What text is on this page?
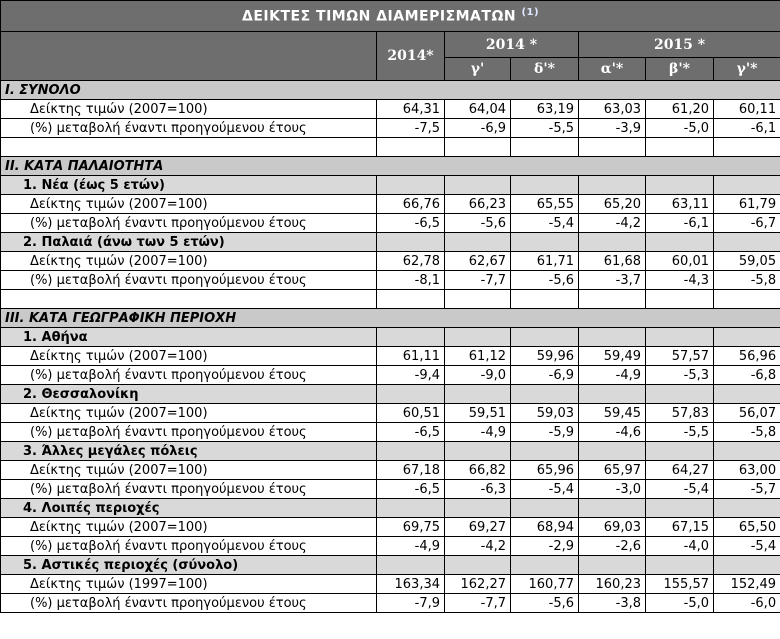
ΔΕΙΚΤΕΣ ΤΙΜΩΝ ΔΙΑΜΕΡΙΣΜΑΤΩΝ $^{(1)}$
	2014*	2014 *		2015 *		
		γ'	δ'*	α'*	β'*	γ'*
I. ΣΥΝΟΛΟ						
Δείκτης τιμών (2007=100)	64,31	64,04	63,19	63,03	61,20	60,11
(%) μεταβολή έναντι προηγούμενου έτους	-7,5	-6,9	-5,5	-3,9	-5,0	-6,1

II. ΚΑΤΑ ΠΑΛΑΙΟΤΗΤΑ						
1. Νέα (έως 5 ετών)						
Δείκτης τιμών (2007=100)	66,76	66,23	65,55	65,20	63,11	61,79
(%) μεταβολή έναντι προηγούμενου έτους	-6,5	-5,6	-5,4	-4,2	-6,1	-6,7
2. Παλαιά (άνω των 5 ετών)						
Δείκτης τιμών (2007=100)	62,78	62,67	61,71	61,68	60,01	59,05
(%) μεταβολή έναντι προηγούμενου έτους	-8,1	-7,7	-5,6	-3,7	-4,3	-5,8

III. ΚΑΤΑ ΓΕΩΓΡΑΦΙΚΗ ΠΕΡΙΟΧΗ						
1. Αθήνα						
Δείκτης τιμών (2007=100)	61,11	61,12	59,96	59,49	57,57	56,96
(%) μεταβολή έναντι προηγούμενου έτους	-9,4	-9,0	-6,9	-4,9	-5,3	-6,8
2. Θεσσαλονίκη						
Δείκτης τιμών (2007=100)	60,51	59,51	59,03	59,45	57,83	56,07
(%) μεταβολή έναντι προηγούμενου έτους	-6,5	-4,9	-5,9	-4,6	-5,5	-5,8
3. Άλλες μεγάλες πόλεις						
Δείκτης τιμών (2007=100)	67,18	66,82	65,96	65,97	64,27	63,00
(%) μεταβολή έναντι προηγούμενου έτους	-6,5	-6,3	-5,4	-3,0	-5,4	-5,7
4. Λοιπές περιοχές						
Δείκτης τιμών (2007=100)	69,75	69,27	68,94	69,03	67,15	65,50
(%) μεταβολή έναντι προηγούμενου έτους	-4,9	-4,2	-2,9	-2,6	-4,0	-5,4
5. Αστικές περιοχές (σύνολο)						
Δείκτης τιμών (1997=100)	163,34	162,27	160,77	160,23	155,57	152,49
(%) μεταβολή έναντι προηγούμενου έτους	-7,9	-7,7	-5,6	-3,8	-5,0	-6,0
